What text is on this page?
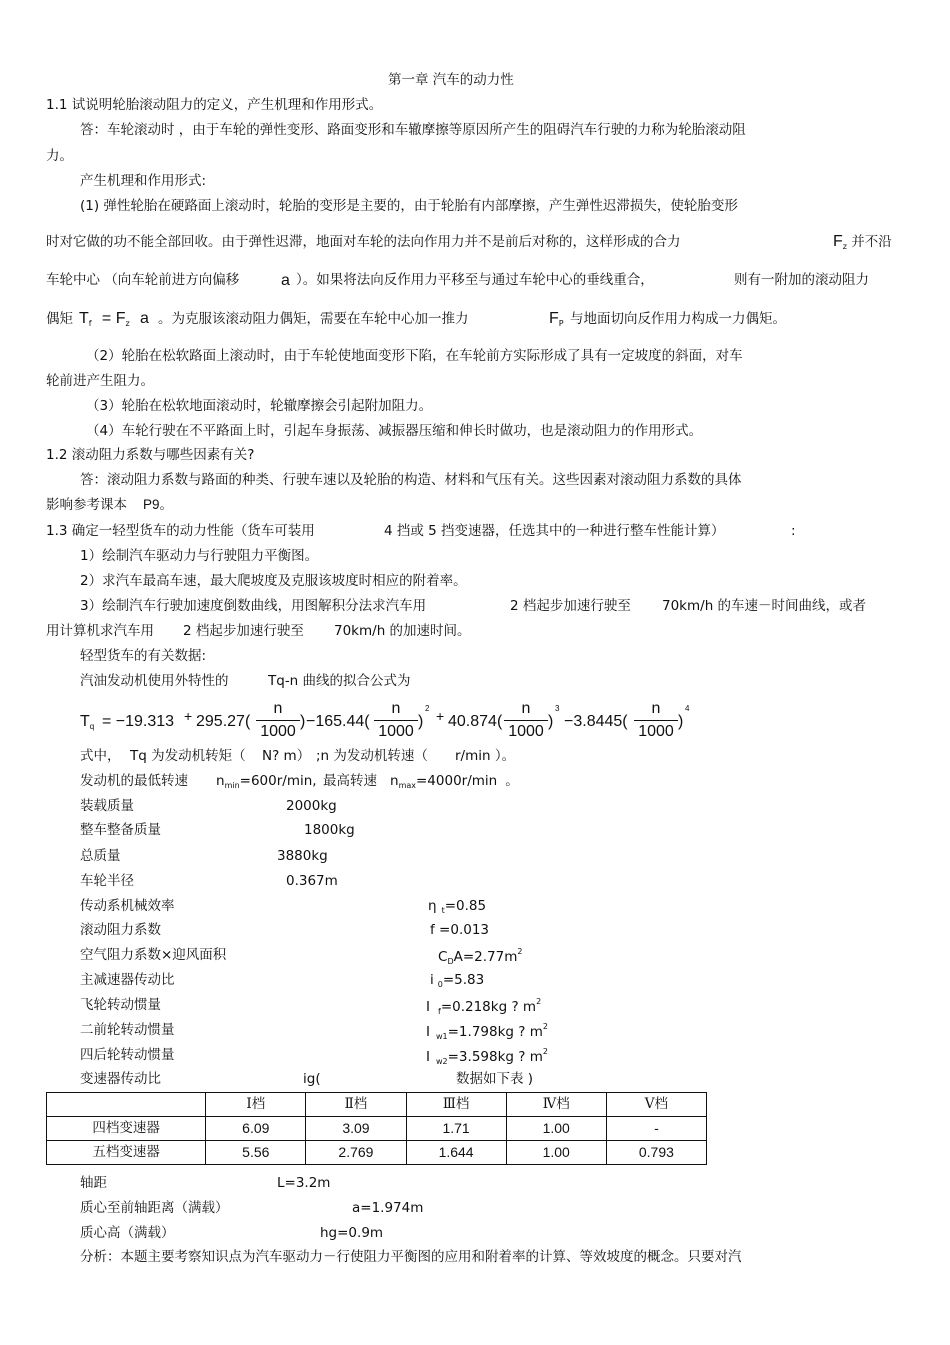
第一章 汽车的动力性
1.1 试说明轮胎滚动阻力的定义，产生机理和作用形式。
答：车轮滚动时 ，由于车轮的弹性变形、路面变形和车辙摩擦等原因所产生的阻碍汽车行驶的力称为轮胎滚动阻
力。
产生机理和作用形式:
(1) 弹性轮胎在硬路面上滚动时，轮胎的变形是主要的，由于轮胎有内部摩擦，产生弹性迟滞损失，使轮胎变形
时对它做的功不能全部回收。由于弹性迟滞，地面对车轮的法向作用力并不是前后对称的，这样形成的合力	$F_z$ 并不沿
车轮中心 （向车轮前进方向偏移	a ）。如果将法向反作用力平移至与通过车轮中心的垂线重合，	则有一附加的滚动阻力
偶矩 $T_f = F_z$ a 。为克服该滚动阻力偶矩，需要在车轮中心加一推力	$F_P$ 与地面切向反作用力构成一力偶矩。
（2）轮胎在松软路面上滚动时，由于车轮使地面变形下陷，在车轮前方实际形成了具有一定坡度的斜面，对车
轮前进产生阻力。
（3）轮胎在松软地面滚动时，轮辙摩擦会引起附加阻力。
（4）车轮行驶在不平路面上时，引起车身振荡、减振器压缩和伸长时做功，也是滚动阻力的作用形式。
1.2 滚动阻力系数与哪些因素有关?
答：滚动阻力系数与路面的种类、行驶车速以及轮胎的构造、材料和气压有关。这些因素对滚动阻力系数的具体
影响参考课本 P9。
1.3 确定一轻型货车的动力性能（货车可装用	4 挡或 5 挡变速器，任选其中的一种进行整车性能计算）	:
1）绘制汽车驱动力与行驶阻力平衡图。
2）求汽车最高车速，最大爬坡度及克服该坡度时相应的附着率。
3）绘制汽车行驶加速度倒数曲线，用图解积分法求汽车用	2 档起步加速行驶至 70km/h 的车速－时间曲线，或者
用计算机求汽车用 2 档起步加速行驶至 70km/h 的加速时间。
轻型货车的有关数据:
汽油发动机使用外特性的	Tq-n 曲线的拟合公式为
$T_q = -19.313 + 295.27$(
n
1000
) −165.44(
n
1000
)
2 + 40.874(
n
1000
)
3
−3.8445(
n
1000
)
4
式中， Tq 为发动机转矩（ N? m） ;n 为发动机转速（ r/min ）。
发动机的最低转速 $n_{min}=600r/\min$, 最高转速 $n_{max}=4000r/\min$ 。
装载质量	2000kg
整车整备质量	1800kg
总质量	3880kg
车轮半径	0.367m
传动系机械效率	η $_t$=0.85
滚动阻力系数	f =0.013
空气阻力系数×迎风面积	$C_DA=2.77m^2$
主减速器传动比	i $_0$=5.83
飞轮转动惯量	I $_f$=0.218kg ? $m^2$
二前轮转动惯量	I $_{w1}$=1.798kg ? $m^2$
四后轮转动惯量	I $_{w2}$=3.598kg ? $m^2$
变速器传动比	ig(	数据如下表 )
	Ⅰ档	Ⅱ档	Ⅲ档	Ⅳ档	Ⅴ档
四档变速器	6.09	3.09	1.71	1.00	-
五档变速器	5.56	2.769	1.644	1.00	0.793
轴距	L=3.2m
质心至前轴距离（满载）	a=1.974m
质心高（满载）	hg=0.9m
分析：本题主要考察知识点为汽车驱动力－行使阻力平衡图的应用和附着率的计算、等效坡度的概念。只要对汽
